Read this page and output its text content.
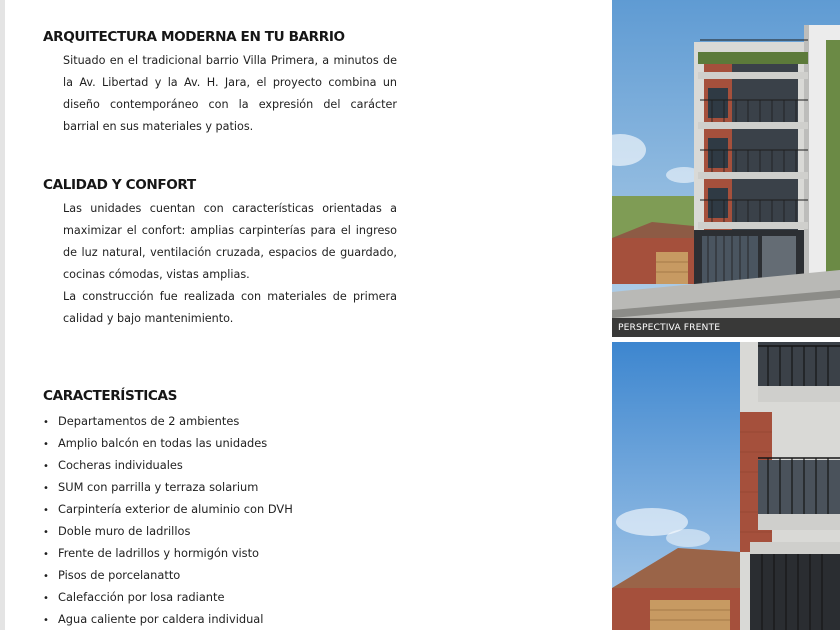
ARQUITECTURA MODERNA EN TU BARRIO

Situado en el tradicional barrio Villa Primera, a minutos de la Av. Libertad y la Av. H. Jara, el proyecto combina un diseño contemporáneo con la expresión del carácter barrial en sus materiales y patios.

CALIDAD Y CONFORT

Las unidades cuentan con características orientadas a maximizar el confort: amplias carpinterías para el ingreso de luz natural, ventilación cruzada, espacios de guardado, cocinas cómodas, vistas amplias.

La construcción fue realizada con materiales de primera calidad y bajo mantenimiento.

CARACTERÍSTICAS
• Departamentos de 2 ambientes
• Amplio balcón en todas las unidades
• Cocheras individuales
• SUM con parrilla y terraza solarium
• Carpintería exterior de aluminio con DVH
• Doble muro de ladrillos
• Frente de ladrillos y hormigón visto
• Pisos de porcelanatto
• Calefacción por losa radiante
• Agua caliente por caldera individual
PERSPECTIVA FRENTE
